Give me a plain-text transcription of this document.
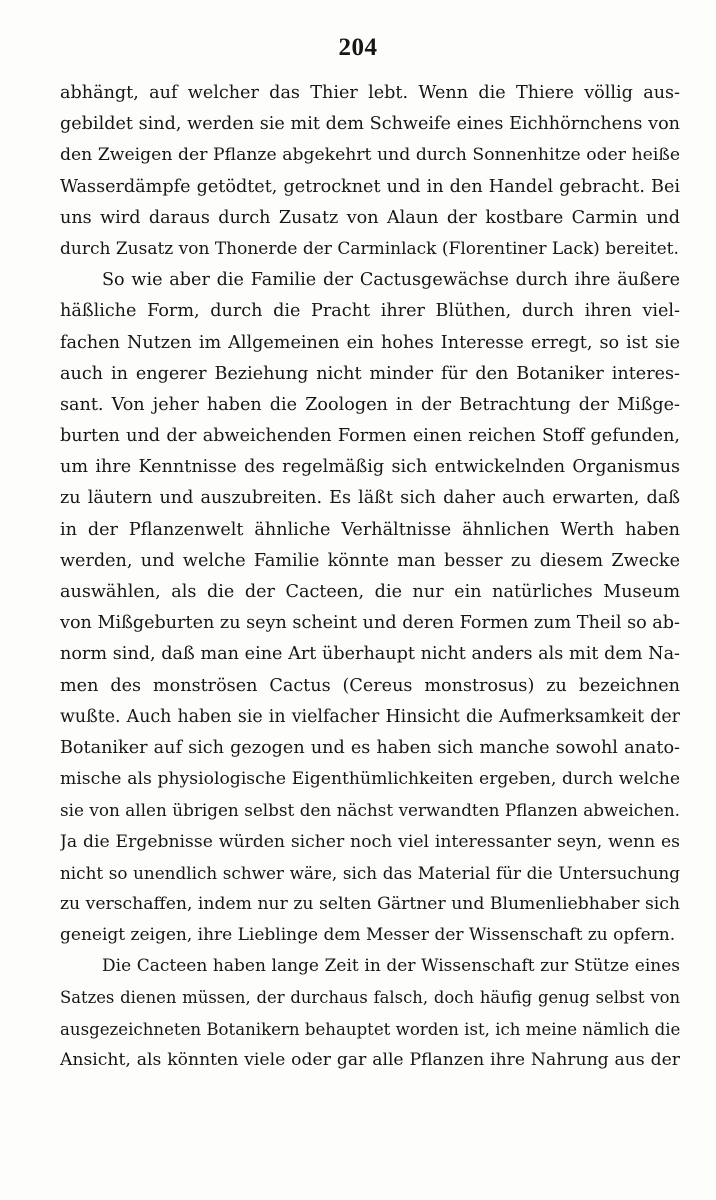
204
abhängt, auf welcher das Thier lebt. Wenn die Thiere völlig aus-
gebildet sind, werden sie mit dem Schweife eines Eichhörnchens von
den Zweigen der Pflanze abgekehrt und durch Sonnenhitze oder heiße
Wasserdämpfe getödtet, getrocknet und in den Handel gebracht. Bei
uns wird daraus durch Zusatz von Alaun der kostbare Carmin und
durch Zusatz von Thonerde der Carminlack (Florentiner Lack) bereitet.
So wie aber die Familie der Cactusgewächse durch ihre äußere
häßliche Form, durch die Pracht ihrer Blüthen, durch ihren viel-
fachen Nutzen im Allgemeinen ein hohes Interesse erregt, so ist sie
auch in engerer Beziehung nicht minder für den Botaniker interes-
sant. Von jeher haben die Zoologen in der Betrachtung der Mißge-
burten und der abweichenden Formen einen reichen Stoff gefunden,
um ihre Kenntnisse des regelmäßig sich entwickelnden Organismus
zu läutern und auszubreiten. Es läßt sich daher auch erwarten, daß
in der Pflanzenwelt ähnliche Verhältnisse ähnlichen Werth haben
werden, und welche Familie könnte man besser zu diesem Zwecke
auswählen, als die der Cacteen, die nur ein natürliches Museum
von Mißgeburten zu seyn scheint und deren Formen zum Theil so ab-
norm sind, daß man eine Art überhaupt nicht anders als mit dem Na-
men des monströsen Cactus (Cereus monstrosus) zu bezeichnen
wußte. Auch haben sie in vielfacher Hinsicht die Aufmerksamkeit der
Botaniker auf sich gezogen und es haben sich manche sowohl anato-
mische als physiologische Eigenthümlichkeiten ergeben, durch welche
sie von allen übrigen selbst den nächst verwandten Pflanzen abweichen.
Ja die Ergebnisse würden sicher noch viel interessanter seyn, wenn es
nicht so unendlich schwer wäre, sich das Material für die Untersuchung
zu verschaffen, indem nur zu selten Gärtner und Blumenliebhaber sich
geneigt zeigen, ihre Lieblinge dem Messer der Wissenschaft zu opfern.
Die Cacteen haben lange Zeit in der Wissenschaft zur Stütze eines
Satzes dienen müssen, der durchaus falsch, doch häufig genug selbst von
ausgezeichneten Botanikern behauptet worden ist, ich meine nämlich die
Ansicht, als könnten viele oder gar alle Pflanzen ihre Nahrung aus der
